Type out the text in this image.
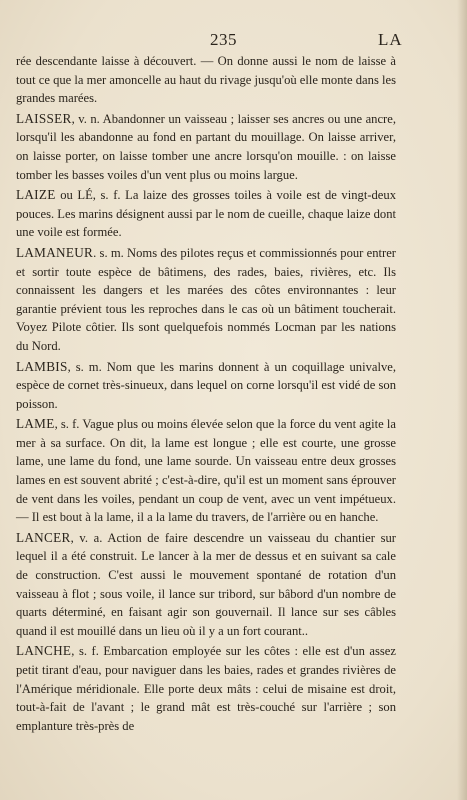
235	LA

rée descendante laisse à découvert. — On donne aussi le nom de laisse à tout ce que la mer amoncelle au haut du rivage jusqu'où elle monte dans les grandes marées.

LAISSER, v. n. Abandonner un vaisseau ; laisser ses ancres ou une ancre, lorsqu'il les abandonne au fond en partant du mouillage. On laisse arriver, on laisse porter, on laisse tomber une ancre lorsqu'on mouille. : on laisse tomber les basses voiles d'un vent plus ou moins largue.

LAIZE ou LÉ, s. f. La laize des grosses toiles à voile est de vingt-deux pouces. Les marins désignent aussi par le nom de cueille, chaque laize dont une voile est formée.

LAMANEUR. s. m. Noms des pilotes reçus et commissionnés pour entrer et sortir toute espèce de bâtimens, des rades, baies, rivières, etc. Ils connaissent les dangers et les marées des côtes environnantes : leur garantie prévient tous les reproches dans le cas où un bâtiment toucherait. Voyez Pilote côtier. Ils sont quelquefois nommés Locman par les nations du Nord.

LAMBIS, s. m. Nom que les marins donnent à un coquillage univalve, espèce de cornet très-sinueux, dans lequel on corne lorsqu'il est vidé de son poisson.

LAME, s. f. Vague plus ou moins élevée selon que la force du vent agite la mer à sa surface. On dit, la lame est longue ; elle est courte, une grosse lame, une lame du fond, une lame sourde. Un vaisseau entre deux grosses lames en est souvent abrité ; c'est-à-dire, qu'il est un moment sans éprouver de vent dans les voiles, pendant un coup de vent, avec un vent impétueux. — Il est bout à la lame, il a la lame du travers, de l'arrière ou en hanche.

LANCER, v. a. Action de faire descendre un vaisseau du chantier sur lequel il a été construit. Le lancer à la mer de dessus et en suivant sa cale de construction. C'est aussi le mouvement spontané de rotation d'un vaisseau à flot ; sous voile, il lance sur tribord, sur bâbord d'un nombre de quarts déterminé, en faisant agir son gouvernail. Il lance sur ses câbles quand il est mouillé dans un lieu où il y a un fort courant..

LANCHE, s. f. Embarcation employée sur les côtes : elle est d'un assez petit tirant d'eau, pour naviguer dans les baies, rades et grandes rivières de l'Amérique méridionale. Elle porte deux mâts : celui de misaine est droit, tout-à-fait de l'avant ; le grand mât est très-couché sur l'arrière ; son emplanture très-près de
